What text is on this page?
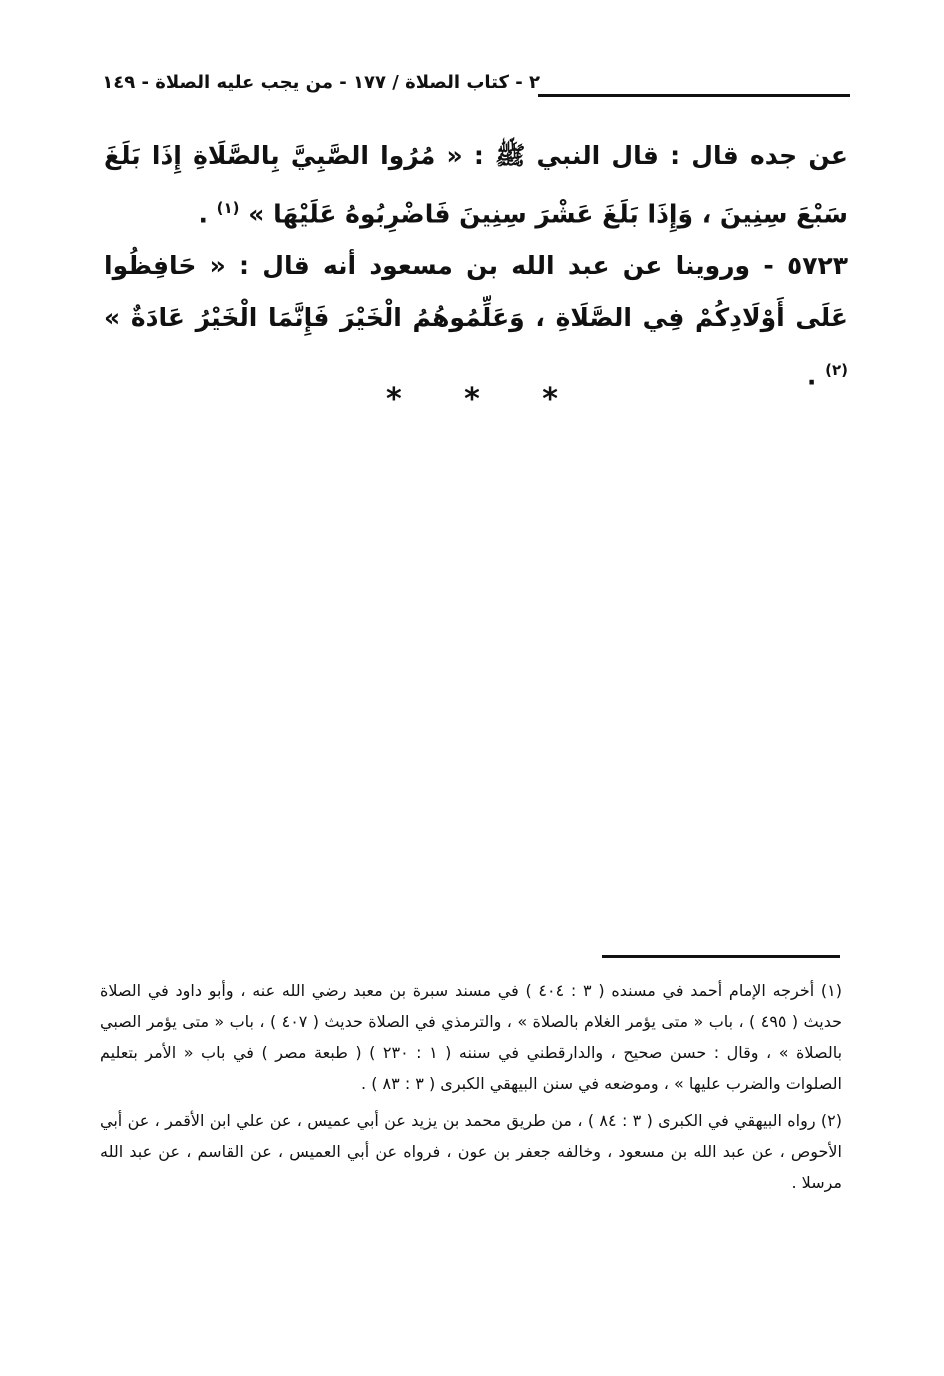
٢ - كتاب الصلاة / ١٧٧ - من يجب عليه الصلاة - ١٤٩

عن جده قال : قال النبي ﷺ : « مُرُوا الصَّبِيَّ بِالصَّلَاةِ إِذَا بَلَغَ سَبْعَ سِنِينَ ، وَإِذَا بَلَغَ عَشْرَ سِنِينَ فَاضْرِبُوهُ عَلَيْهَا » $^{(١)}$ .

٥٧٢٣ - وروينا عن عبد الله بن مسعود أنه قال : « حَافِظُوا عَلَى أَوْلَادِكُمْ فِي الصَّلَاةِ ، وَعَلِّمُوهُمُ الْخَيْرَ فَإِنَّمَا الْخَيْرُ عَادَةٌ » $^{(٢)}$ .

* * *

(١) أخرجه الإمام أحمد في مسنده ( ٣ : ٤٠٤ ) في مسند سبرة بن معبد رضي الله عنه ، وأبو داود في الصلاة حديث ( ٤٩٥ ) ، باب « متى يؤمر الغلام بالصلاة » ، والترمذي في الصلاة حديث ( ٤٠٧ ) ، باب « متى يؤمر الصبي بالصلاة » ، وقال : حسن صحيح ، والدارقطني في سننه ( ١ : ٢٣٠ ) ( طبعة مصر ) في باب « الأمر بتعليم الصلوات والضرب عليها » ، وموضعه في سنن البيهقي الكبرى ( ٣ : ٨٣ ) .

(٢) رواه البيهقي في الكبرى ( ٣ : ٨٤ ) ، من طريق محمد بن يزيد عن أبي عميس ، عن علي ابن الأقمر ، عن أبي الأحوص ، عن عبد الله بن مسعود ، وخالفه جعفر بن عون ، فرواه عن أبي العميس ، عن القاسم ، عن عبد الله مرسلا .
